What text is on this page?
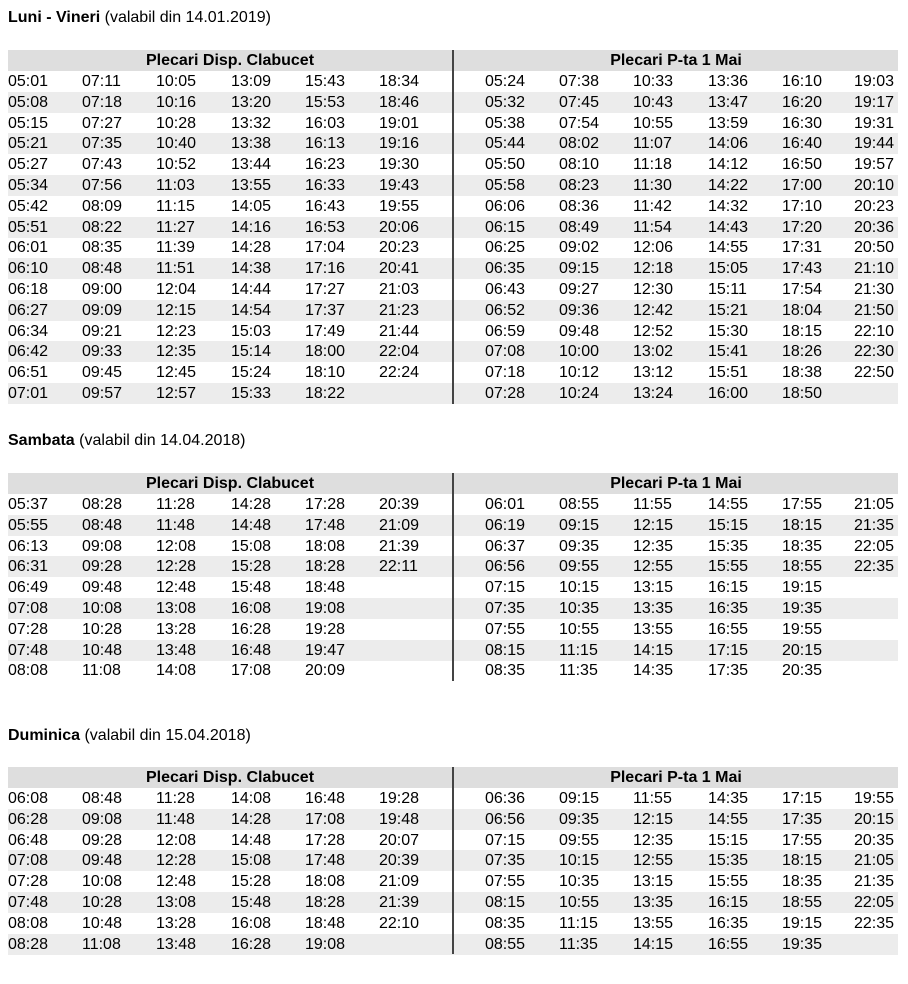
Luni - Vineri (valabil din 14.01.2019)
Plecari Disp. Clabucet	Plecari P-ta 1 Mai
05:01 07:11 10:05 13:09 15:43 18:34	05:24 07:38 10:33 13:36 16:10 19:03
05:08 07:18 10:16 13:20 15:53 18:46	05:32 07:45 10:43 13:47 16:20 19:17
05:15 07:27 10:28 13:32 16:03 19:01	05:38 07:54 10:55 13:59 16:30 19:31
05:21 07:35 10:40 13:38 16:13 19:16	05:44 08:02 11:07 14:06 16:40 19:44
05:27 07:43 10:52 13:44 16:23 19:30	05:50 08:10 11:18 14:12 16:50 19:57
05:34 07:56 11:03 13:55 16:33 19:43	05:58 08:23 11:30 14:22 17:00 20:10
05:42 08:09 11:15 14:05 16:43 19:55	06:06 08:36 11:42 14:32 17:10 20:23
05:51 08:22 11:27 14:16 16:53 20:06	06:15 08:49 11:54 14:43 17:20 20:36
06:01 08:35 11:39 14:28 17:04 20:23	06:25 09:02 12:06 14:55 17:31 20:50
06:10 08:48 11:51 14:38 17:16 20:41	06:35 09:15 12:18 15:05 17:43 21:10
06:18 09:00 12:04 14:44 17:27 21:03	06:43 09:27 12:30 15:11 17:54 21:30
06:27 09:09 12:15 14:54 17:37 21:23	06:52 09:36 12:42 15:21 18:04 21:50
06:34 09:21 12:23 15:03 17:49 21:44	06:59 09:48 12:52 15:30 18:15 22:10
06:42 09:33 12:35 15:14 18:00 22:04	07:08 10:00 13:02 15:41 18:26 22:30
06:51 09:45 12:45 15:24 18:10 22:24	07:18 10:12 13:12 15:51 18:38 22:50
07:01 09:57 12:57 15:33 18:22	07:28 10:24 13:24 16:00 18:50
Sambata (valabil din 14.04.2018)
Plecari Disp. Clabucet	Plecari P-ta 1 Mai
05:37 08:28 11:28 14:28 17:28 20:39	06:01 08:55 11:55 14:55 17:55 21:05
05:55 08:48 11:48 14:48 17:48 21:09	06:19 09:15 12:15 15:15 18:15 21:35
06:13 09:08 12:08 15:08 18:08 21:39	06:37 09:35 12:35 15:35 18:35 22:05
06:31 09:28 12:28 15:28 18:28 22:11	06:56 09:55 12:55 15:55 18:55 22:35
06:49 09:48 12:48 15:48 18:48	07:15 10:15 13:15 16:15 19:15
07:08 10:08 13:08 16:08 19:08	07:35 10:35 13:35 16:35 19:35
07:28 10:28 13:28 16:28 19:28	07:55 10:55 13:55 16:55 19:55
07:48 10:48 13:48 16:48 19:47	08:15 11:15 14:15 17:15 20:15
08:08 11:08 14:08 17:08 20:09	08:35 11:35 14:35 17:35 20:35
Duminica (valabil din 15.04.2018)
Plecari Disp. Clabucet	Plecari P-ta 1 Mai
06:08 08:48 11:28 14:08 16:48 19:28	06:36 09:15 11:55 14:35 17:15 19:55
06:28 09:08 11:48 14:28 17:08 19:48	06:56 09:35 12:15 14:55 17:35 20:15
06:48 09:28 12:08 14:48 17:28 20:07	07:15 09:55 12:35 15:15 17:55 20:35
07:08 09:48 12:28 15:08 17:48 20:39	07:35 10:15 12:55 15:35 18:15 21:05
07:28 10:08 12:48 15:28 18:08 21:09	07:55 10:35 13:15 15:55 18:35 21:35
07:48 10:28 13:08 15:48 18:28 21:39	08:15 10:55 13:35 16:15 18:55 22:05
08:08 10:48 13:28 16:08 18:48 22:10	08:35 11:15 13:55 16:35 19:15 22:35
08:28 11:08 13:48 16:28 19:08	08:55 11:35 14:15 16:55 19:35
